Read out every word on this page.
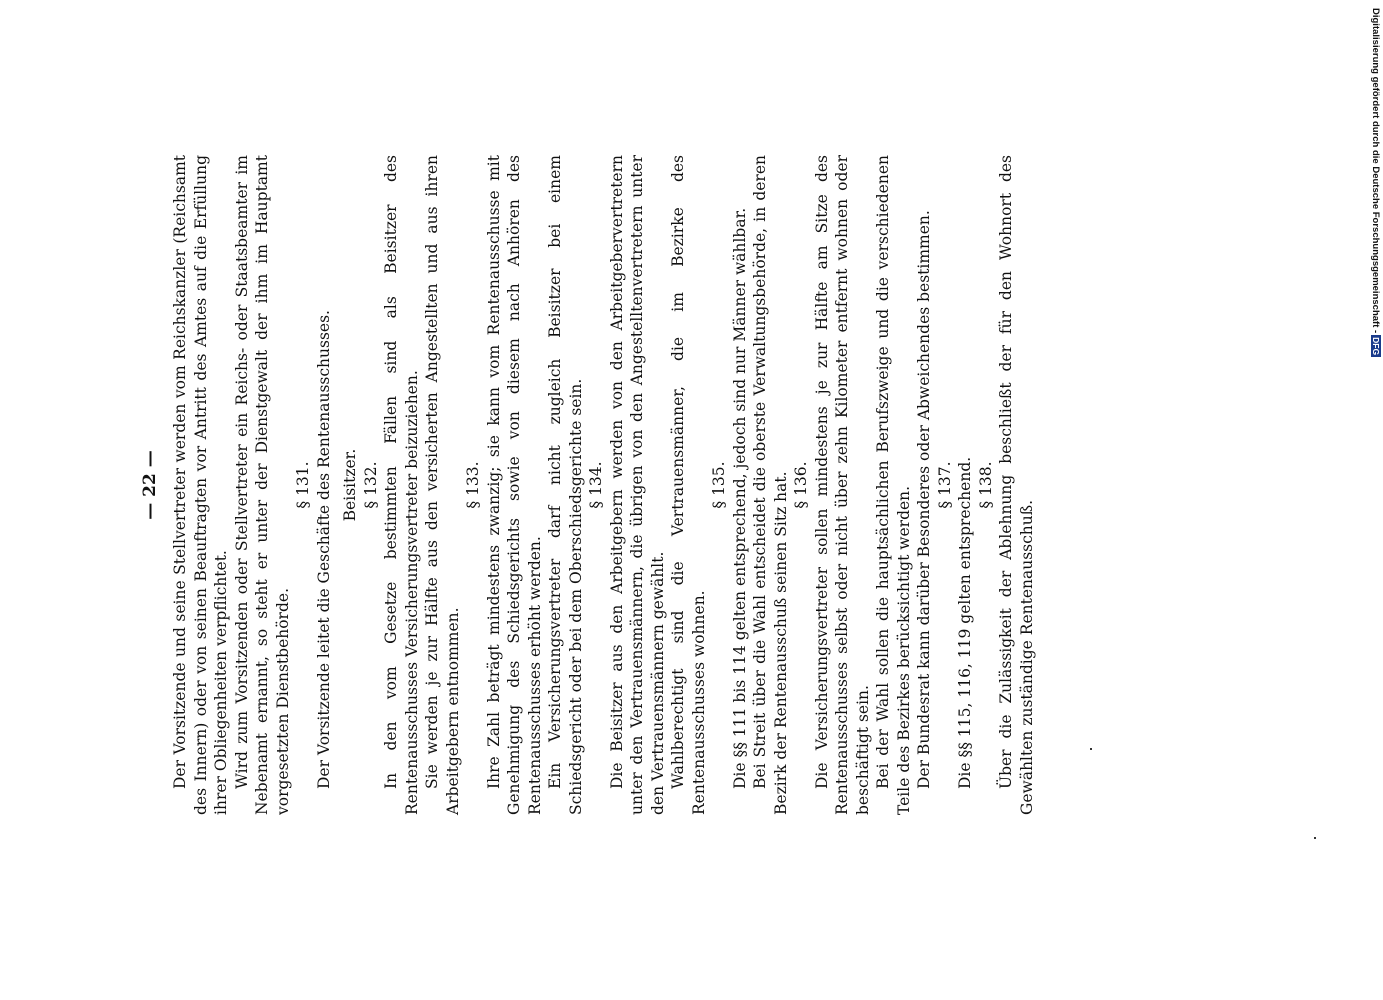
— 22 — Der Vorsitzende und seine Stellvertreter werden vom Reichskanzler (Reichsamt des Innern) oder von seinen Beauftragten vor Antritt des Amtes auf die Erfüllung ihrer Obliegenheiten verpflichtet. Wird zum Vorsitzenden oder Stellvertreter ein Reichs- oder Staatsbeamter im Nebenamt ernannt, so steht er unter der Dienstgewalt der ihm im Hauptamt vorgesetzten Dienstbehörde.

§ 131. Der Vorsitzende leitet die Geschäfte des Rentenausschusses. Beisitzer. § 132. In den vom Gesetze bestimmten Fällen sind als Beisitzer des Rentenausschusses Versicherungsvertreter beizuziehen. Sie werden je zur Hälfte aus den versicherten Angestellten und aus ihren Arbeitgebern entnommen.

§ 133. Ihre Zahl beträgt mindestens zwanzig; sie kann vom Rentenausschusse mit Genehmigung des Schiedsgerichts sowie von diesem nach Anhören des Rentenausschusses erhöht werden. Ein Versicherungsvertreter darf nicht zugleich Beisitzer bei einem Schiedsgericht oder bei dem Oberschiedsgerichte sein. § 134. Die Beisitzer aus den Arbeitgebern werden von den Arbeitgebervertretern unter den Vertrauensmännern, die übrigen von den Angestelltenvertretern unter den Vertrauensmännern gewählt. Wahlberechtigt sind die Vertrauensmänner, die im Bezirke des Rentenausschusses wohnen.

§ 135. Die §§ 111 bis 114 gelten entsprechend, jedoch sind nur Männer wählbar. Bei Streit über die Wahl entscheidet die oberste Verwaltungsbehörde, in deren Bezirk der Rentenausschuß seinen Sitz hat. § 136. Die Versicherungsvertreter sollen mindestens je zur Hälfte am Sitze des Rentenausschusses selbst oder nicht über zehn Kilometer entfernt wohnen oder beschäftigt sein. Bei der Wahl sollen die hauptsächlichen Berufszweige und die verschiedenen Teile des Bezirkes berücksichtigt werden. Der Bundesrat kann darüber Besonderes oder Abweichendes bestimmen. § 137. Die §§ 115, 116, 119 gelten entsprechend. § 138. Über die Zulässigkeit der Ablehnung beschließt der für den Wohnort des Gewählten zuständige Rentenausschuß.

Digitalisierung gefördert durch die Deutsche Forschungsgemeinschaft -DFG
